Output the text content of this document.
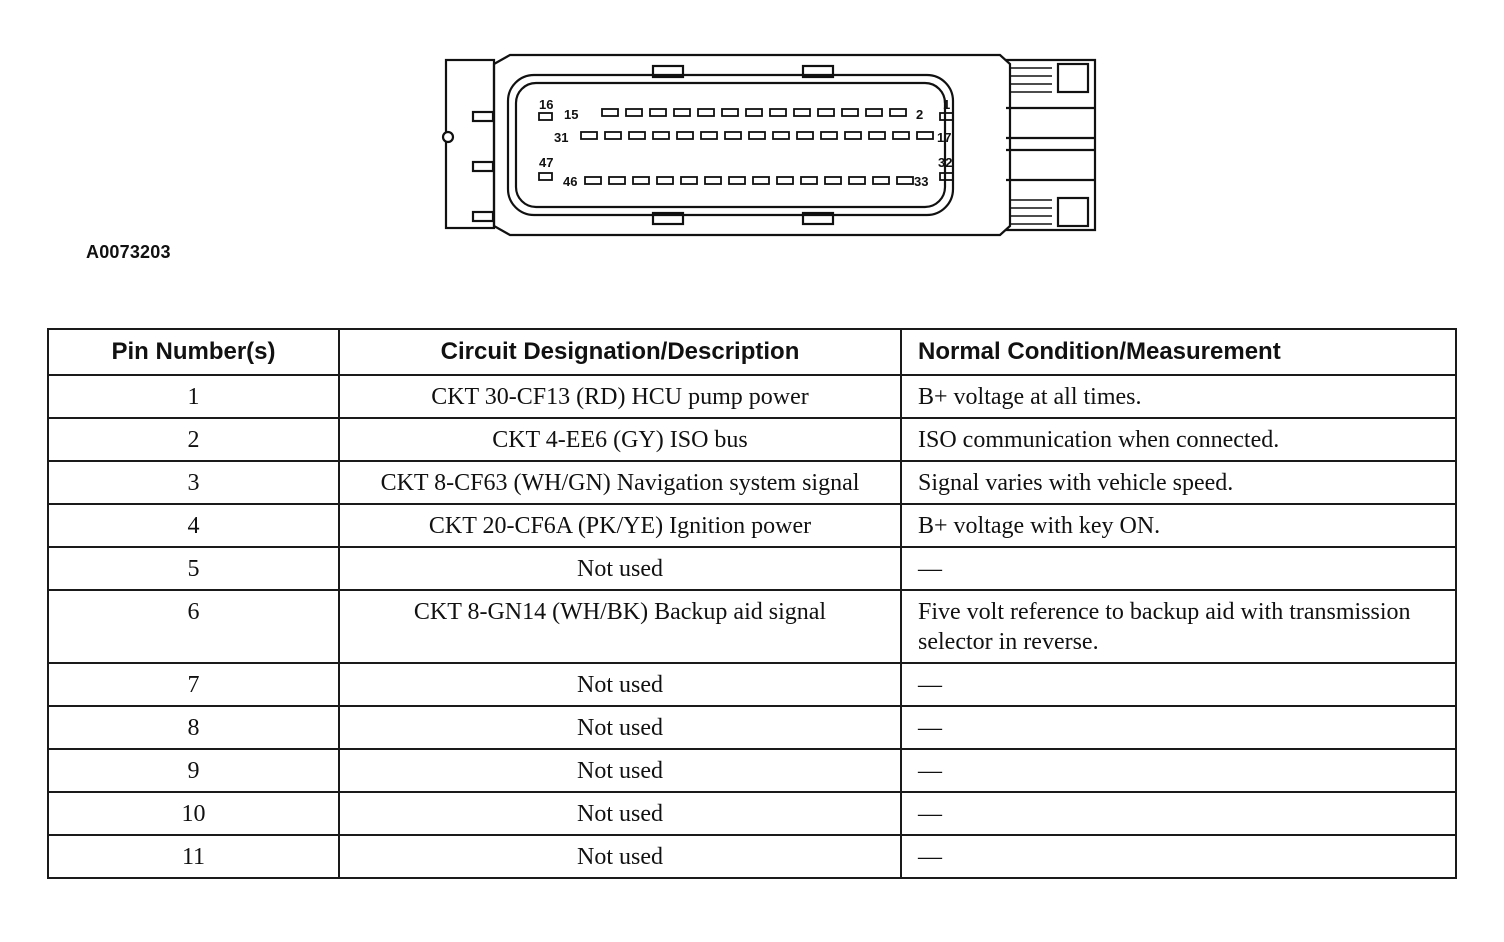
16
15	2
1
31	17
47
46	33
32
A0073203
Pin Number(s)	Circuit Designation/Description	Normal Condition/Measurement
1	CKT 30-CF13 (RD) HCU pump power	B+ voltage at all times.
2	CKT 4-EE6 (GY) ISO bus	ISO communication when connected.
3	CKT 8-CF63 (WH/GN) Navigation system signal	Signal varies with vehicle speed.
4	CKT 20-CF6A (PK/YE) Ignition power	B+ voltage with key ON.
5	Not used	—
6	CKT 8-GN14 (WH/BK) Backup aid signal	Five volt reference to backup aid with transmission selector in reverse.
7	Not used	—
8	Not used	—
9	Not used	—
10	Not used	—
11	Not used	—
